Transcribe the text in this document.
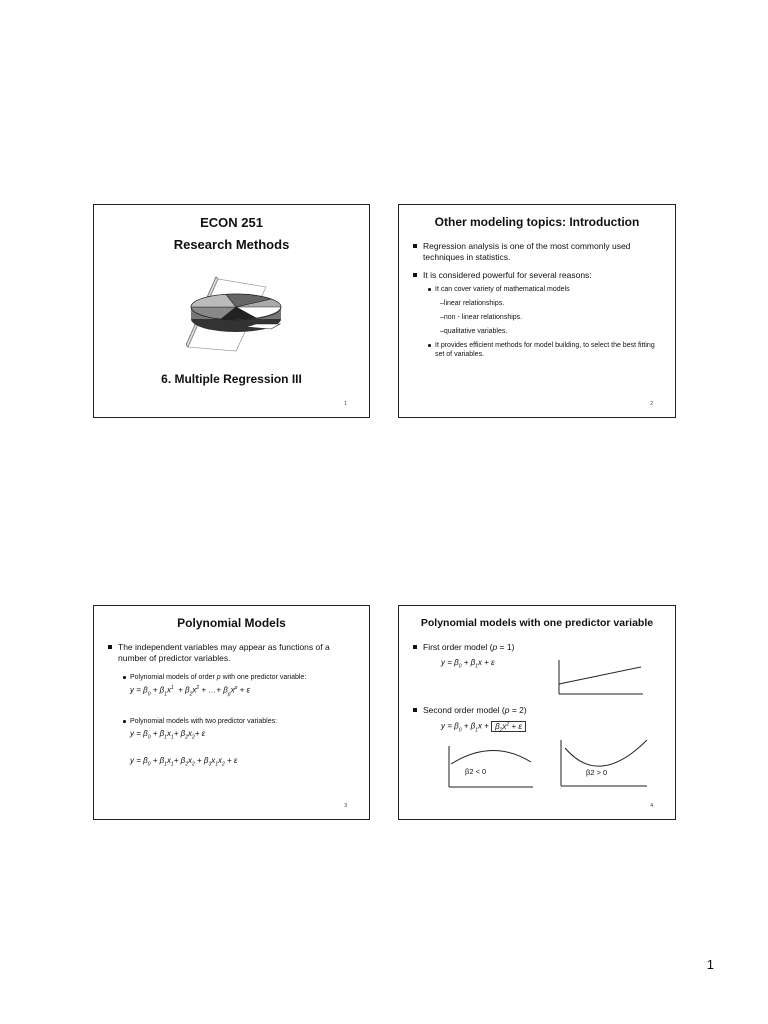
ECON 251
Research Methods
6. Multiple Regression III
1
Other modeling topics: Introduction
Regression analysis is one of the most commonly used techniques in statistics.
It is considered powerful for several reasons:
It can cover variety of mathematical models
–linear relationships.
–non - linear relationships.
–qualitative variables.
It provides efficient methods for model building, to select the best fitting set of variables.
2
Polynomial Models
The independent variables may appear as functions of a number of predictor variables.
Polynomial models of order p with one predictor variable:
$y = \beta_0 + \beta_1x^1 + \beta_2x^2$ + …+ $\beta_px^p + \varepsilon$
Polynomial models with two predictor variables:
$y = \beta_0 + \beta_1x_1+ \beta_2x_2+ \varepsilon$
$y = \beta_0 + \beta_1x_1+ \beta_2x_2 + \beta_3x_1x_2 + \varepsilon$
3
Polynomial models with one predictor variable
First order model (p = 1)
$y = \beta_0 + \beta_1x + \varepsilon$
Second order model (p = 2)
$y = \beta_0 + \beta_1x + \beta_2x^2 + \varepsilon$
β2 < 0	β2 > 0
4
1
